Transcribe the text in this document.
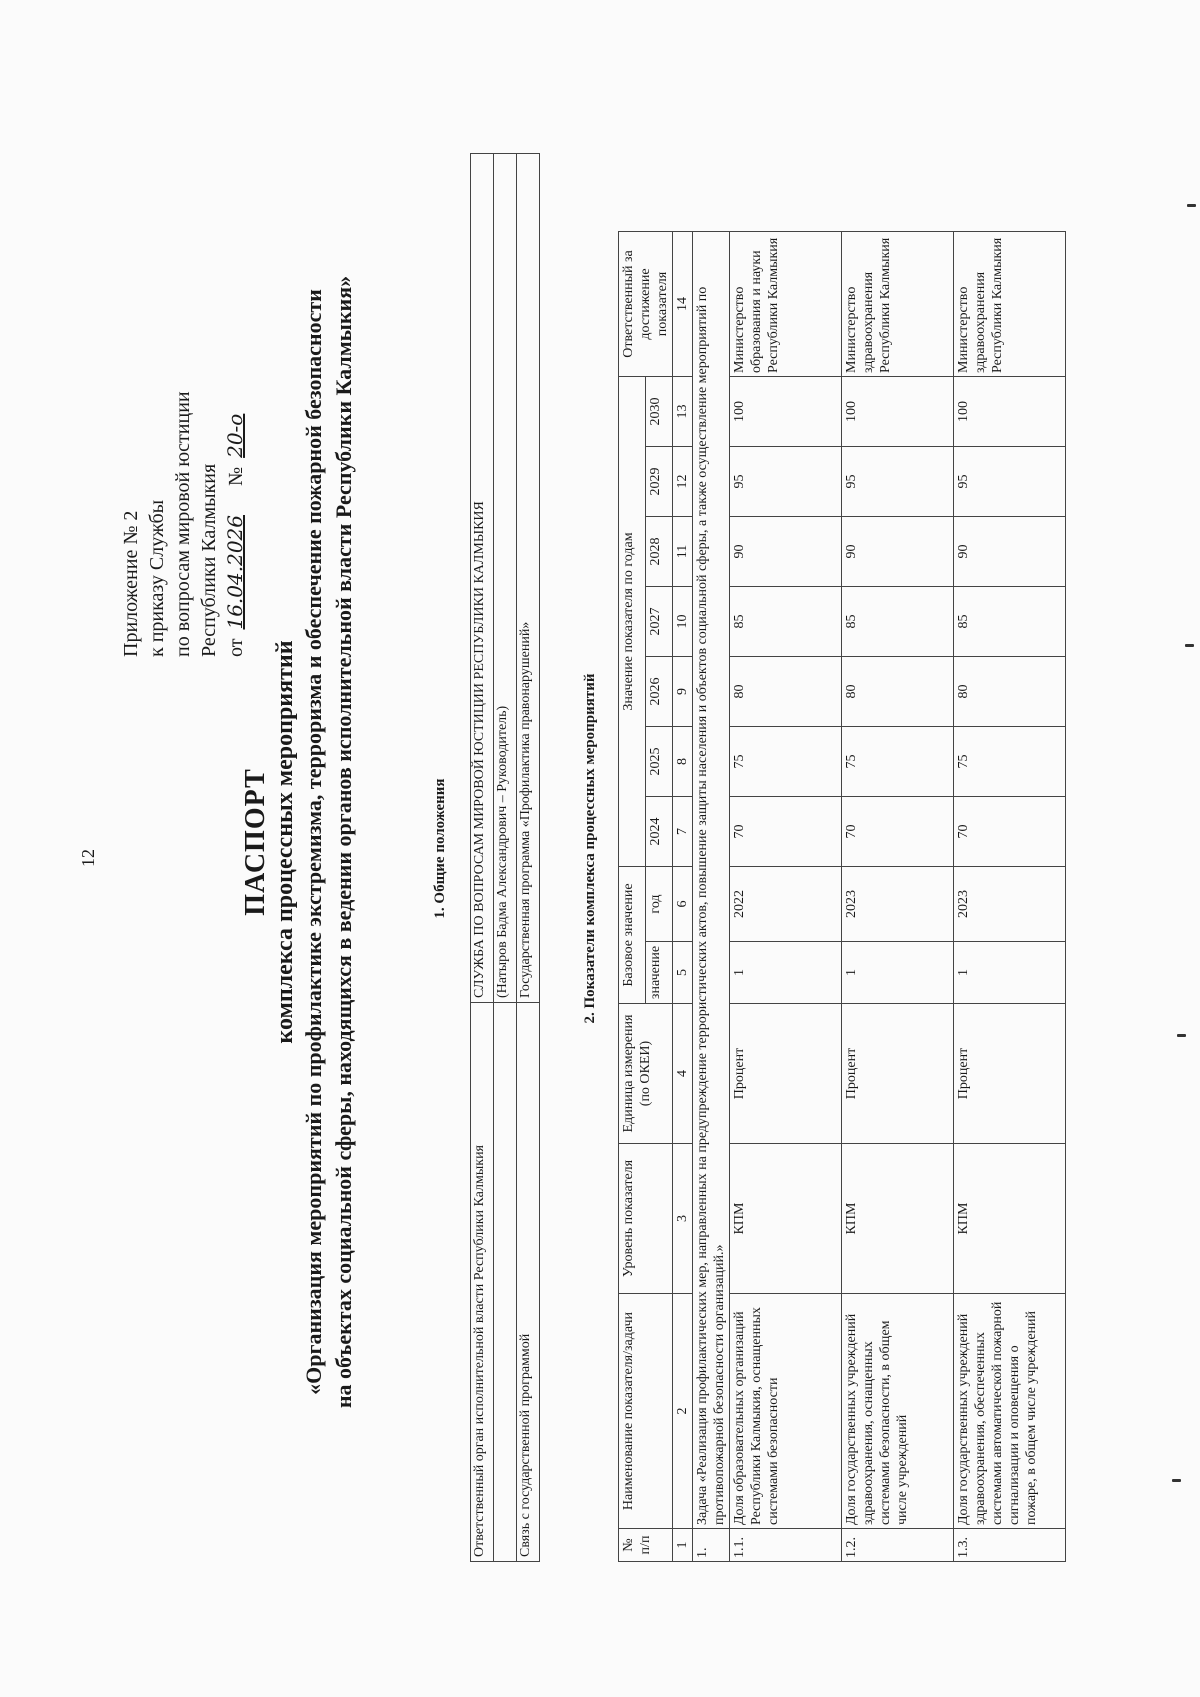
12
Приложение № 2 к приказу Службы по вопросам мировой юстиции Республики Калмыкия от 16.04.2026     № 20-о
ПАСПОРТ комплекса процессных мероприятий «Организация мероприятий по профилактике экстремизма, терроризма и обеспечение пожарной безопасности на объектах социальной сферы, находящихся в ведении органов исполнительной власти Республики Калмыкия»	1. Общие положения
Ответственный орган исполнительной власти Республики Калмыкия	СЛУЖБА ПО ВОПРОСАМ МИРОВОЙ ЮСТИЦИИ РЕСПУБЛИКИ КАЛМЫКИЯ
	(Натыров Бадма Александрович – Руководитель)
Связь с государственной программой	Государственная программа «Профилактика правонарушений»	2. Показатели комплекса процессных мероприятий
№ п/п	Наименование показателя/задачи	Уровень показателя	Единица измерения (по ОКЕИ)	Базовое значение		Значение показателя по годам							Ответственный за достижение показателя
				значение	год	2024	2025	2026	2027	2028	2029	2030	
1	2	3	4	5	6	7	8	9	10	11	12	13	14
1.	Задача «Реализация профилактических мер, направленных на предупреждение террористических актов, повышение защиты населения и объектов социальной сферы, а также осуществление мероприятий по противопожарной безопасности организаций.»												
1.1.	Доля образовательных организаций Республики Калмыкия, оснащенных системами безопасности	КПМ	Процент	1	2022	70	75	80	85	90	95	100	Министерство образования и науки Республики Калмыкия
1.2.	Доля государственных учреждений здравоохранения, оснащенных системами безопасности, в общем числе учреждений	КПМ	Процент	1	2023	70	75	80	85	90	95	100	Министерство здравоохранения Республики Калмыкия
1.3.	Доля государственных учреждений здравоохранения, обеспеченных системами автоматической пожарной сигнализации и оповещения о пожаре, в общем числе учреждений	КПМ	Процент	1	2023	70	75	80	85	90	95	100	Министерство здравоохранения Республики Калмыкия
